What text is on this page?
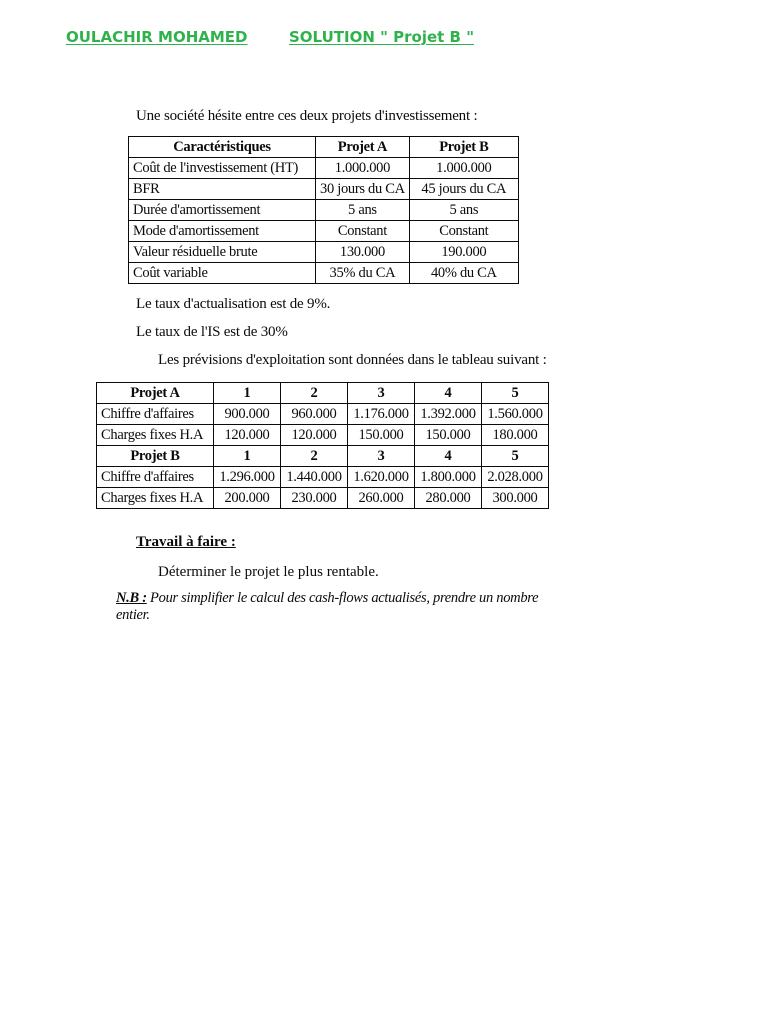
OULACHIR MOHAMED	SOLUTION " Projet B "
Une société hésite entre ces deux projets d'investissement :
Caractéristiques	Projet A	Projet B
Coût de l'investissement (HT)	1.000.000	1.000.000
BFR	30 jours du CA	45 jours du CA
Durée d'amortissement	5 ans	5 ans
Mode d'amortissement	Constant	Constant
Valeur résiduelle brute	130.000	190.000
Coût variable	35% du CA	40% du CA
Le taux d'actualisation est de 9%.
Le taux de l'IS est de 30%
Les prévisions d'exploitation sont données dans le tableau suivant :
Projet A	1	2	3	4	5
Chiffre d'affaires	900.000	960.000	1.176.000	1.392.000	1.560.000
Charges fixes H.A	120.000	120.000	150.000	150.000	180.000
Projet B	1	2	3	4	5
Chiffre d'affaires	1.296.000	1.440.000	1.620.000	1.800.000	2.028.000
Charges fixes H.A	200.000	230.000	260.000	280.000	300.000
Travail à faire :
Déterminer le projet le plus rentable.
N.B : Pour simplifier le calcul des cash-flows actualisés, prendre un nombre entier.
